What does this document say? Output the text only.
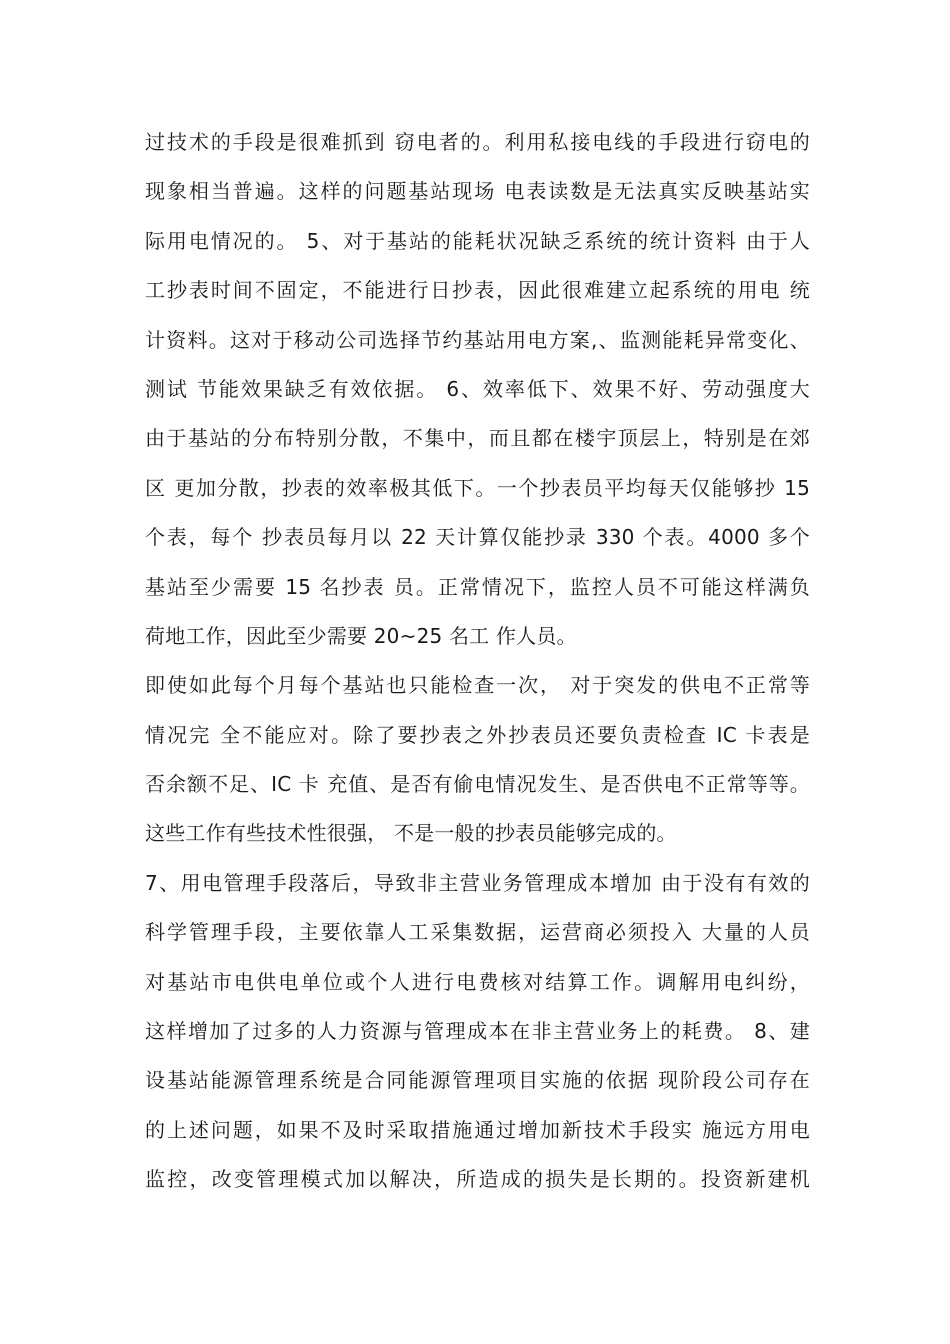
过技术的手段是很难抓到 窃电者的。利用私接电线的手段进行窃电的
现象相当普遍。这样的问题基站现场 电表读数是无法真实反映基站实
际用电情况的。 5、对于基站的能耗状况缺乏系统的统计资料 由于人
工抄表时间不固定，不能进行日抄表，因此很难建立起系统的用电 统
计资料。这对于移动公司选择节约基站用电方案,、监测能耗异常变化、
测试 节能效果缺乏有效依据。 6、效率低下、效果不好、劳动强度大
由于基站的分布特别分散，不集中，而且都在楼宇顶层上，特别是在郊
区 更加分散，抄表的效率极其低下。一个抄表员平均每天仅能够抄 15
个表，每个 抄表员每月以 22 天计算仅能抄录 330 个表。4000 多个
基站至少需要 15 名抄表 员。正常情况下，监控人员不可能这样满负
荷地工作，因此至少需要 20~25 名工 作人员。
即使如此每个月每个基站也只能检查一次， 对于突发的供电不正常等
情况完 全不能应对。除了要抄表之外抄表员还要负责检查 IC 卡表是
否余额不足、IC 卡 充值、是否有偷电情况发生、是否供电不正常等等。
这些工作有些技术性很强， 不是一般的抄表员能够完成的。
7、用电管理手段落后，导致非主营业务管理成本增加 由于没有有效的
科学管理手段，主要依靠人工采集数据，运营商必须投入 大量的人员
对基站市电供电单位或个人进行电费核对结算工作。调解用电纠纷，
这样增加了过多的人力资源与管理成本在非主营业务上的耗费。 8、建
设基站能源管理系统是合同能源管理项目实施的依据 现阶段公司存在
的上述问题，如果不及时采取措施通过增加新技术手段实 施远方用电
监控，改变管理模式加以解决，所造成的损失是长期的。投资新建机
